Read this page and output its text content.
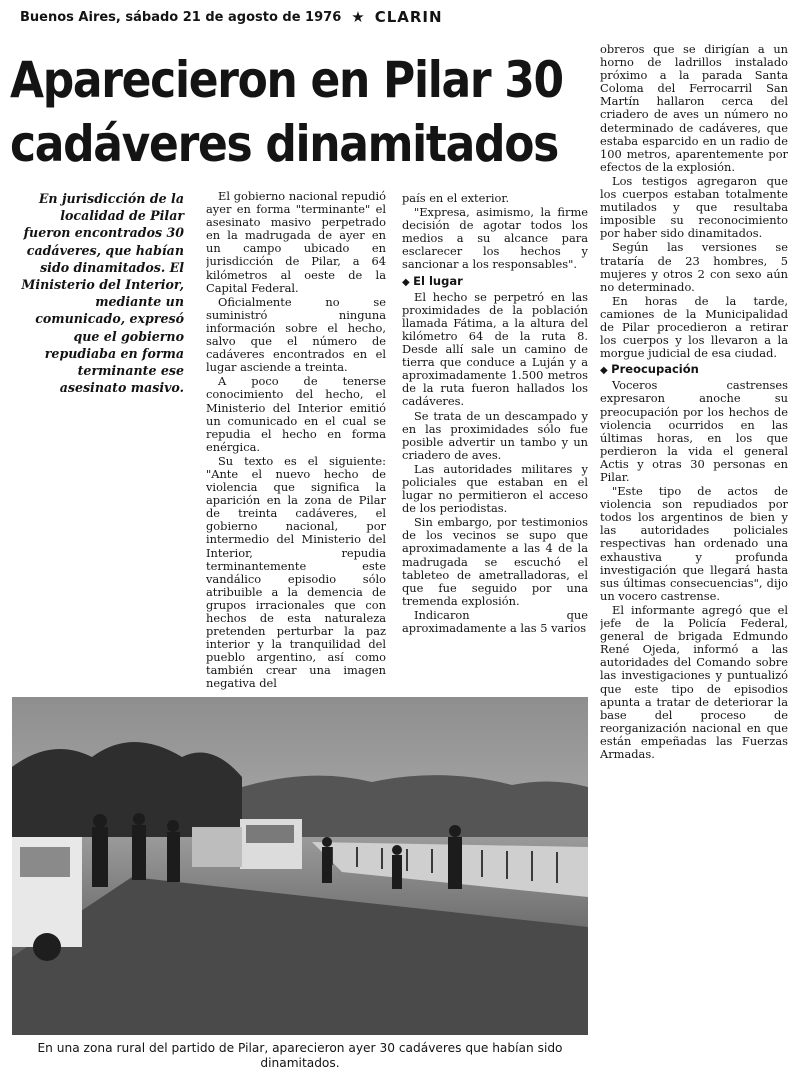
Buenos Aires, sábado 21 de agosto de 1976 ★ CLARIN
Aparecieron en Pilar 30
cadáveres dinamitados
En jurisdicción de la localidad de Pilar fueron encontrados 30 cadáveres, que habían sido dinamitados. El Ministerio del Interior, mediante un comunicado, expresó que el gobierno repudiaba en forma terminante ese asesinato masivo.

El gobierno nacional repudió ayer en forma "terminante" el asesinato masivo perpetrado en la madrugada de ayer en un campo ubicado en jurisdicción de Pilar, a 64 kilómetros al oeste de la Capital Federal.

Oficialmente no se suministró ninguna información sobre el hecho, salvo que el número de cadáveres encontrados en el lugar asciende a treinta.

A poco de tenerse conocimiento del hecho, el Ministerio del Interior emitió un comunicado en el cual se repudia el hecho en forma enérgica.

Su texto es el siguiente: "Ante el nuevo hecho de violencia que significa la aparición en la zona de Pilar de treinta cadáveres, el gobierno nacional, por intermedio del Ministerio del Interior, repudia terminantemente este vandálico episodio sólo atribuible a la demencia de grupos irracionales que con hechos de esta naturaleza pretenden perturbar la paz interior y la tranquilidad del pueblo argentino, así como también crear una imagen negativa del

país en el exterior.

"Expresa, asimismo, la firme decisión de agotar todos los medios a su alcance para esclarecer los hechos y sancionar a los responsables".

◆ El lugar

El hecho se perpetró en las proximidades de la población llamada Fátima, a la altura del kilómetro 64 de la ruta 8. Desde allí sale un camino de tierra que conduce a Luján y a aproximadamente 1.500 metros de la ruta fueron hallados los cadáveres.

Se trata de un descampado y en las proximidades sólo fue posible advertir un tambo y un criadero de aves.

Las autoridades militares y policiales que estaban en el lugar no permitieron el acceso de los periodistas.

Sin embargo, por testimonios de los vecinos se supo que aproximadamente a las 4 de la madrugada se escuchó el tableteo de ametralladoras, el que fue seguido por una tremenda explosión.

Indicaron que aproximadamente a las 5 varios

obreros que se dirigían a un horno de ladrillos instalado próximo a la parada Santa Coloma del Ferrocarril San Martín hallaron cerca del criadero de aves un número no determinado de cadáveres, que estaba esparcido en un radio de 100 metros, aparentemente por efectos de la explosión.

Los testigos agregaron que los cuerpos estaban totalmente mutilados y que resultaba imposible su reconocimiento por haber sido dinamitados.

Según las versiones se trataría de 23 hombres, 5 mujeres y otros 2 con sexo aún no determinado.

En horas de la tarde, camiones de la Municipalidad de Pilar procedieron a retirar los cuerpos y los llevaron a la morgue judicial de esa ciudad.

◆ Preocupación

Voceros castrenses expresaron anoche su preocupación por los hechos de violencia ocurridos en las últimas horas, en los que perdieron la vida el general Actis y otras 30 personas en Pilar.

"Este tipo de actos de violencia son repudiados por todos los argentinos de bien y las autoridades policiales respectivas han ordenado una exhaustiva y profunda investigación que llegará hasta sus últimas consecuencias", dijo un vocero castrense.

El informante agregó que el jefe de la Policía Federal, general de brigada Edmundo René Ojeda, informó a las autoridades del Comando sobre las investigaciones y puntualizó que este tipo de episodios apunta a tratar de deteriorar la base del proceso de reorganización nacional en que están empeñadas las Fuerzas Armadas.

En una zona rural del partido de Pilar, aparecieron ayer 30 cadáveres que habían sido dinamitados.
